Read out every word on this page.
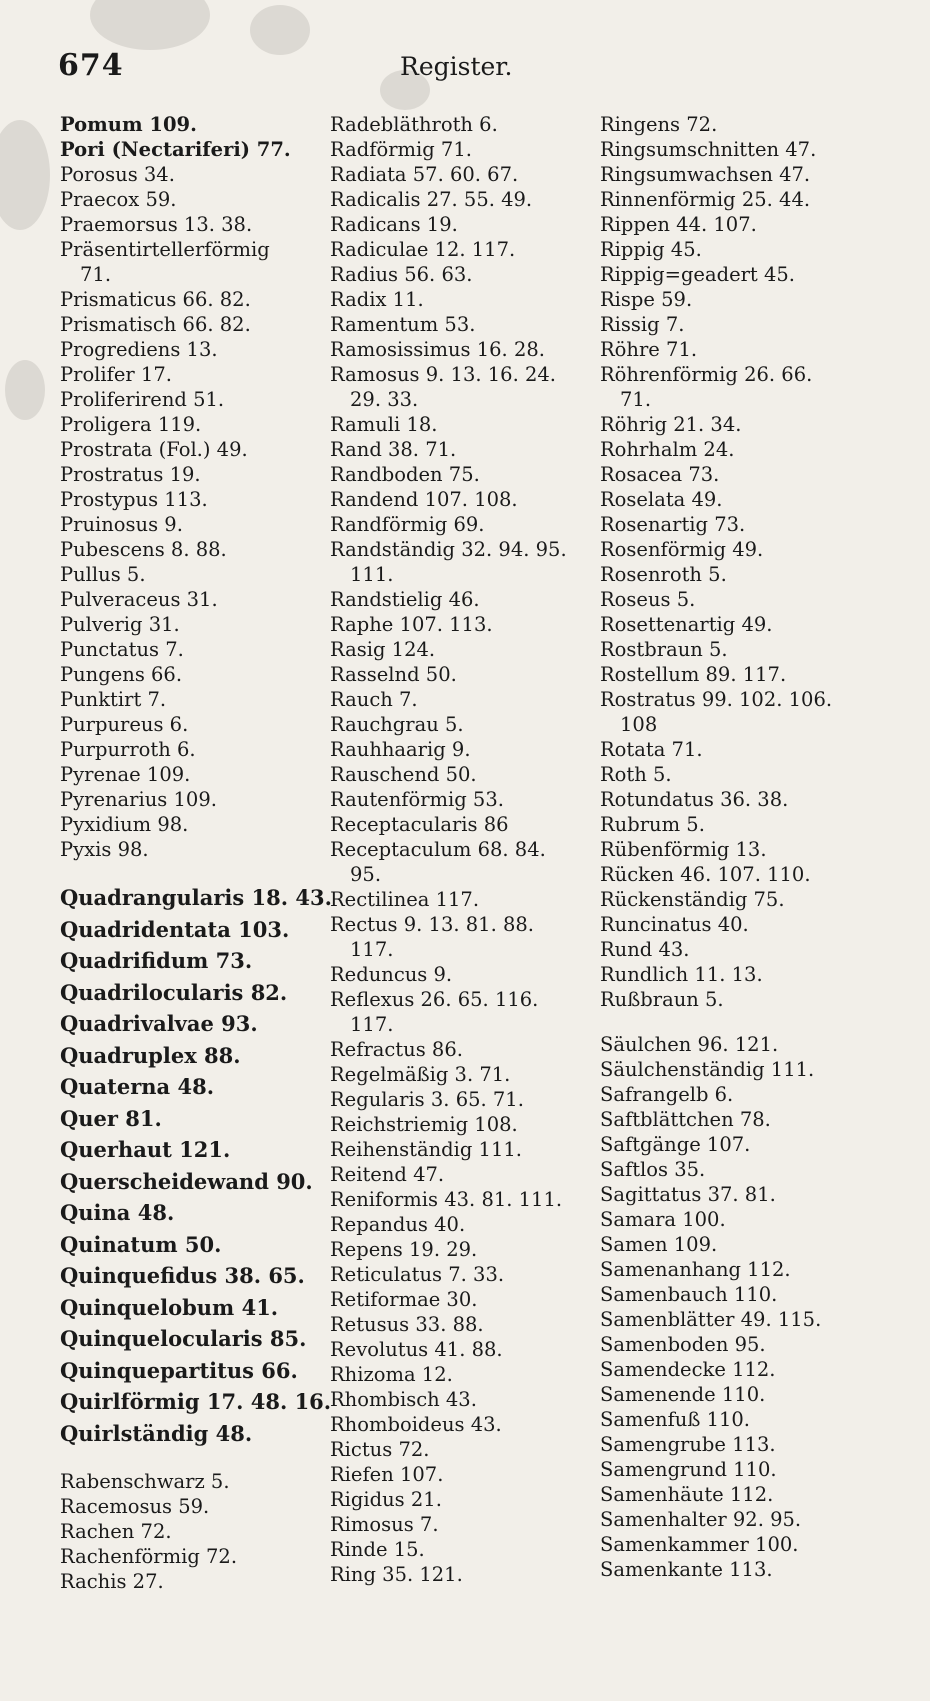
674	Register.
Pomum 109.
Pori (Nectariferi) 77.
Porosus 34.
Praecox 59.
Praemorsus 13. 38.
Präsentirtellerförmig
71.
Prismaticus 66. 82.
Prismatisch 66. 82.
Progrediens 13.
Prolifer 17.
Proliferirend 51.
Proligera 119.
Prostrata (Fol.) 49.
Prostratus 19.
Prostypus 113.
Pruinosus 9.
Pubescens 8. 88.
Pullus 5.
Pulveraceus 31.
Pulverig 31.
Punctatus 7.
Pungens 66.
Punktirt 7.
Purpureus 6.
Purpurroth 6.
Pyrenae 109.
Pyrenarius 109.
Pyxidium 98.
Pyxis 98.
Quadrangularis 18. 43.
Quadridentata 103.
Quadrifidum 73.
Quadrilocularis 82.
Quadrivalvae 93.
Quadruplex 88.
Quaterna 48.
Quer 81.
Querhaut 121.
Querscheidewand 90.
Quina 48.
Quinatum 50.
Quinquefidus 38. 65.
Quinquelobum 41.
Quinquelocularis 85.
Quinquepartitus 66.
Quirlförmig 17. 48. 16.
Quirlständig 48.
Rabenschwarz 5.
Racemosus 59.
Rachen 72.
Rachenförmig 72.
Rachis 27.
Radebläthroth 6.
Radförmig 71.
Radiata 57. 60. 67.
Radicalis 27. 55. 49.
Radicans 19.
Radiculae 12. 117.
Radius 56. 63.
Radix 11.
Ramentum 53.
Ramosissimus 16. 28.
Ramosus 9. 13. 16. 24.
29. 33.
Ramuli 18.
Rand 38. 71.
Randboden 75.
Randend 107. 108.
Randförmig 69.
Randständig 32. 94. 95.
111.
Randstielig 46.
Raphe 107. 113.
Rasig 124.
Rasselnd 50.
Rauch 7.
Rauchgrau 5.
Rauhhaarig 9.
Rauschend 50.
Rautenförmig 53.
Receptacularis 86
Receptaculum 68. 84.
95.
Rectilinea 117.
Rectus 9. 13. 81. 88.
117.
Reduncus 9.
Reflexus 26. 65. 116.
117.
Refractus 86.
Regelmäßig 3. 71.
Regularis 3. 65. 71.
Reichstriemig 108.
Reihenständig 111.
Reitend 47.
Reniformis 43. 81. 111.
Repandus 40.
Repens 19. 29.
Reticulatus 7. 33.
Retiformae 30.
Retusus 33. 88.
Revolutus 41. 88.
Rhizoma 12.
Rhombisch 43.
Rhomboideus 43.
Rictus 72.
Riefen 107.
Rigidus 21.
Rimosus 7.
Rinde 15.
Ring 35. 121.
Ringens 72.
Ringsumschnitten 47.
Ringsumwachsen 47.
Rinnenförmig 25. 44.
Rippen 44. 107.
Rippig 45.
Rippig=geadert 45.
Rispe 59.
Rissig 7.
Röhre 71.
Röhrenförmig 26. 66.
71.
Röhrig 21. 34.
Rohrhalm 24.
Rosacea 73.
Roselata 49.
Rosenartig 73.
Rosenförmig 49.
Rosenroth 5.
Roseus 5.
Rosettenartig 49.
Rostbraun 5.
Rostellum 89. 117.
Rostratus 99. 102. 106.
108
Rotata 71.
Roth 5.
Rotundatus 36. 38.
Rubrum 5.
Rübenförmig 13.
Rücken 46. 107. 110.
Rückenständig 75.
Runcinatus 40.
Rund 43.
Rundlich 11. 13.
Rußbraun 5.
Säulchen 96. 121.
Säulchenständig 111.
Safrangelb 6.
Saftblättchen 78.
Saftgänge 107.
Saftlos 35.
Sagittatus 37. 81.
Samara 100.
Samen 109.
Samenanhang 112.
Samenbauch 110.
Samenblätter 49. 115.
Samenboden 95.
Samendecke 112.
Samenende 110.
Samenfuß 110.
Samengrube 113.
Samengrund 110.
Samenhäute 112.
Samenhalter 92. 95.
Samenkammer 100.
Samenkante 113.
